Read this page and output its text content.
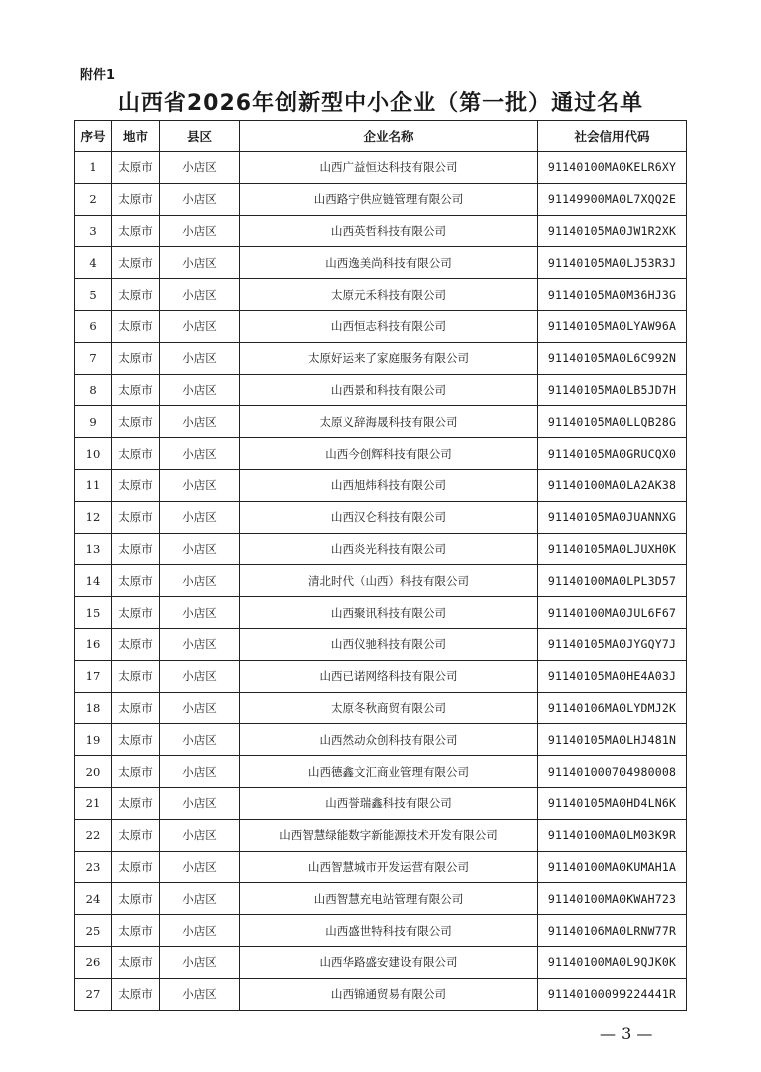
附件1
山西省2026年创新型中小企业（第一批）通过名单
序号	地市	县区	企业名称	社会信用代码
1	太原市	小店区	山西广益恒达科技有限公司	91140100MA0KELR6XY
2	太原市	小店区	山西路宁供应链管理有限公司	91149900MA0L7XQQ2E
3	太原市	小店区	山西英哲科技有限公司	91140105MA0JW1R2XK
4	太原市	小店区	山西逸美尚科技有限公司	91140105MA0LJ53R3J
5	太原市	小店区	太原元禾科技有限公司	91140105MA0M36HJ3G
6	太原市	小店区	山西恒志科技有限公司	91140105MA0LYAW96A
7	太原市	小店区	太原好运来了家庭服务有限公司	91140105MA0L6C992N
8	太原市	小店区	山西景和科技有限公司	91140105MA0LB5JD7H
9	太原市	小店区	太原义辞海晟科技有限公司	91140105MA0LLQB28G
10	太原市	小店区	山西今创辉科技有限公司	91140105MA0GRUCQX0
11	太原市	小店区	山西旭炜科技有限公司	91140100MA0LA2AK38
12	太原市	小店区	山西汉仑科技有限公司	91140105MA0JUANNXG
13	太原市	小店区	山西炎光科技有限公司	91140105MA0LJUXH0K
14	太原市	小店区	清北时代（山西）科技有限公司	91140100MA0LPL3D57
15	太原市	小店区	山西聚讯科技有限公司	91140100MA0JUL6F67
16	太原市	小店区	山西仪驰科技有限公司	91140105MA0JYGQY7J
17	太原市	小店区	山西已诺网络科技有限公司	91140105MA0HE4A03J
18	太原市	小店区	太原冬秋商贸有限公司	91140106MA0LYDMJ2K
19	太原市	小店区	山西然动众创科技有限公司	91140105MA0LHJ481N
20	太原市	小店区	山西德鑫文汇商业管理有限公司	911401000704980008
21	太原市	小店区	山西誉瑞鑫科技有限公司	91140105MA0HD4LN6K
22	太原市	小店区	山西智慧绿能数字新能源技术开发有限公司	91140100MA0LM03K9R
23	太原市	小店区	山西智慧城市开发运营有限公司	91140100MA0KUMAH1A
24	太原市	小店区	山西智慧充电站管理有限公司	91140100MA0KWAH723
25	太原市	小店区	山西盛世特科技有限公司	91140106MA0LRNW77R
26	太原市	小店区	山西华路盛安建设有限公司	91140100MA0L9QJK0K
27	太原市	小店区	山西锦通贸易有限公司	91140100099224441R
— 3 —
